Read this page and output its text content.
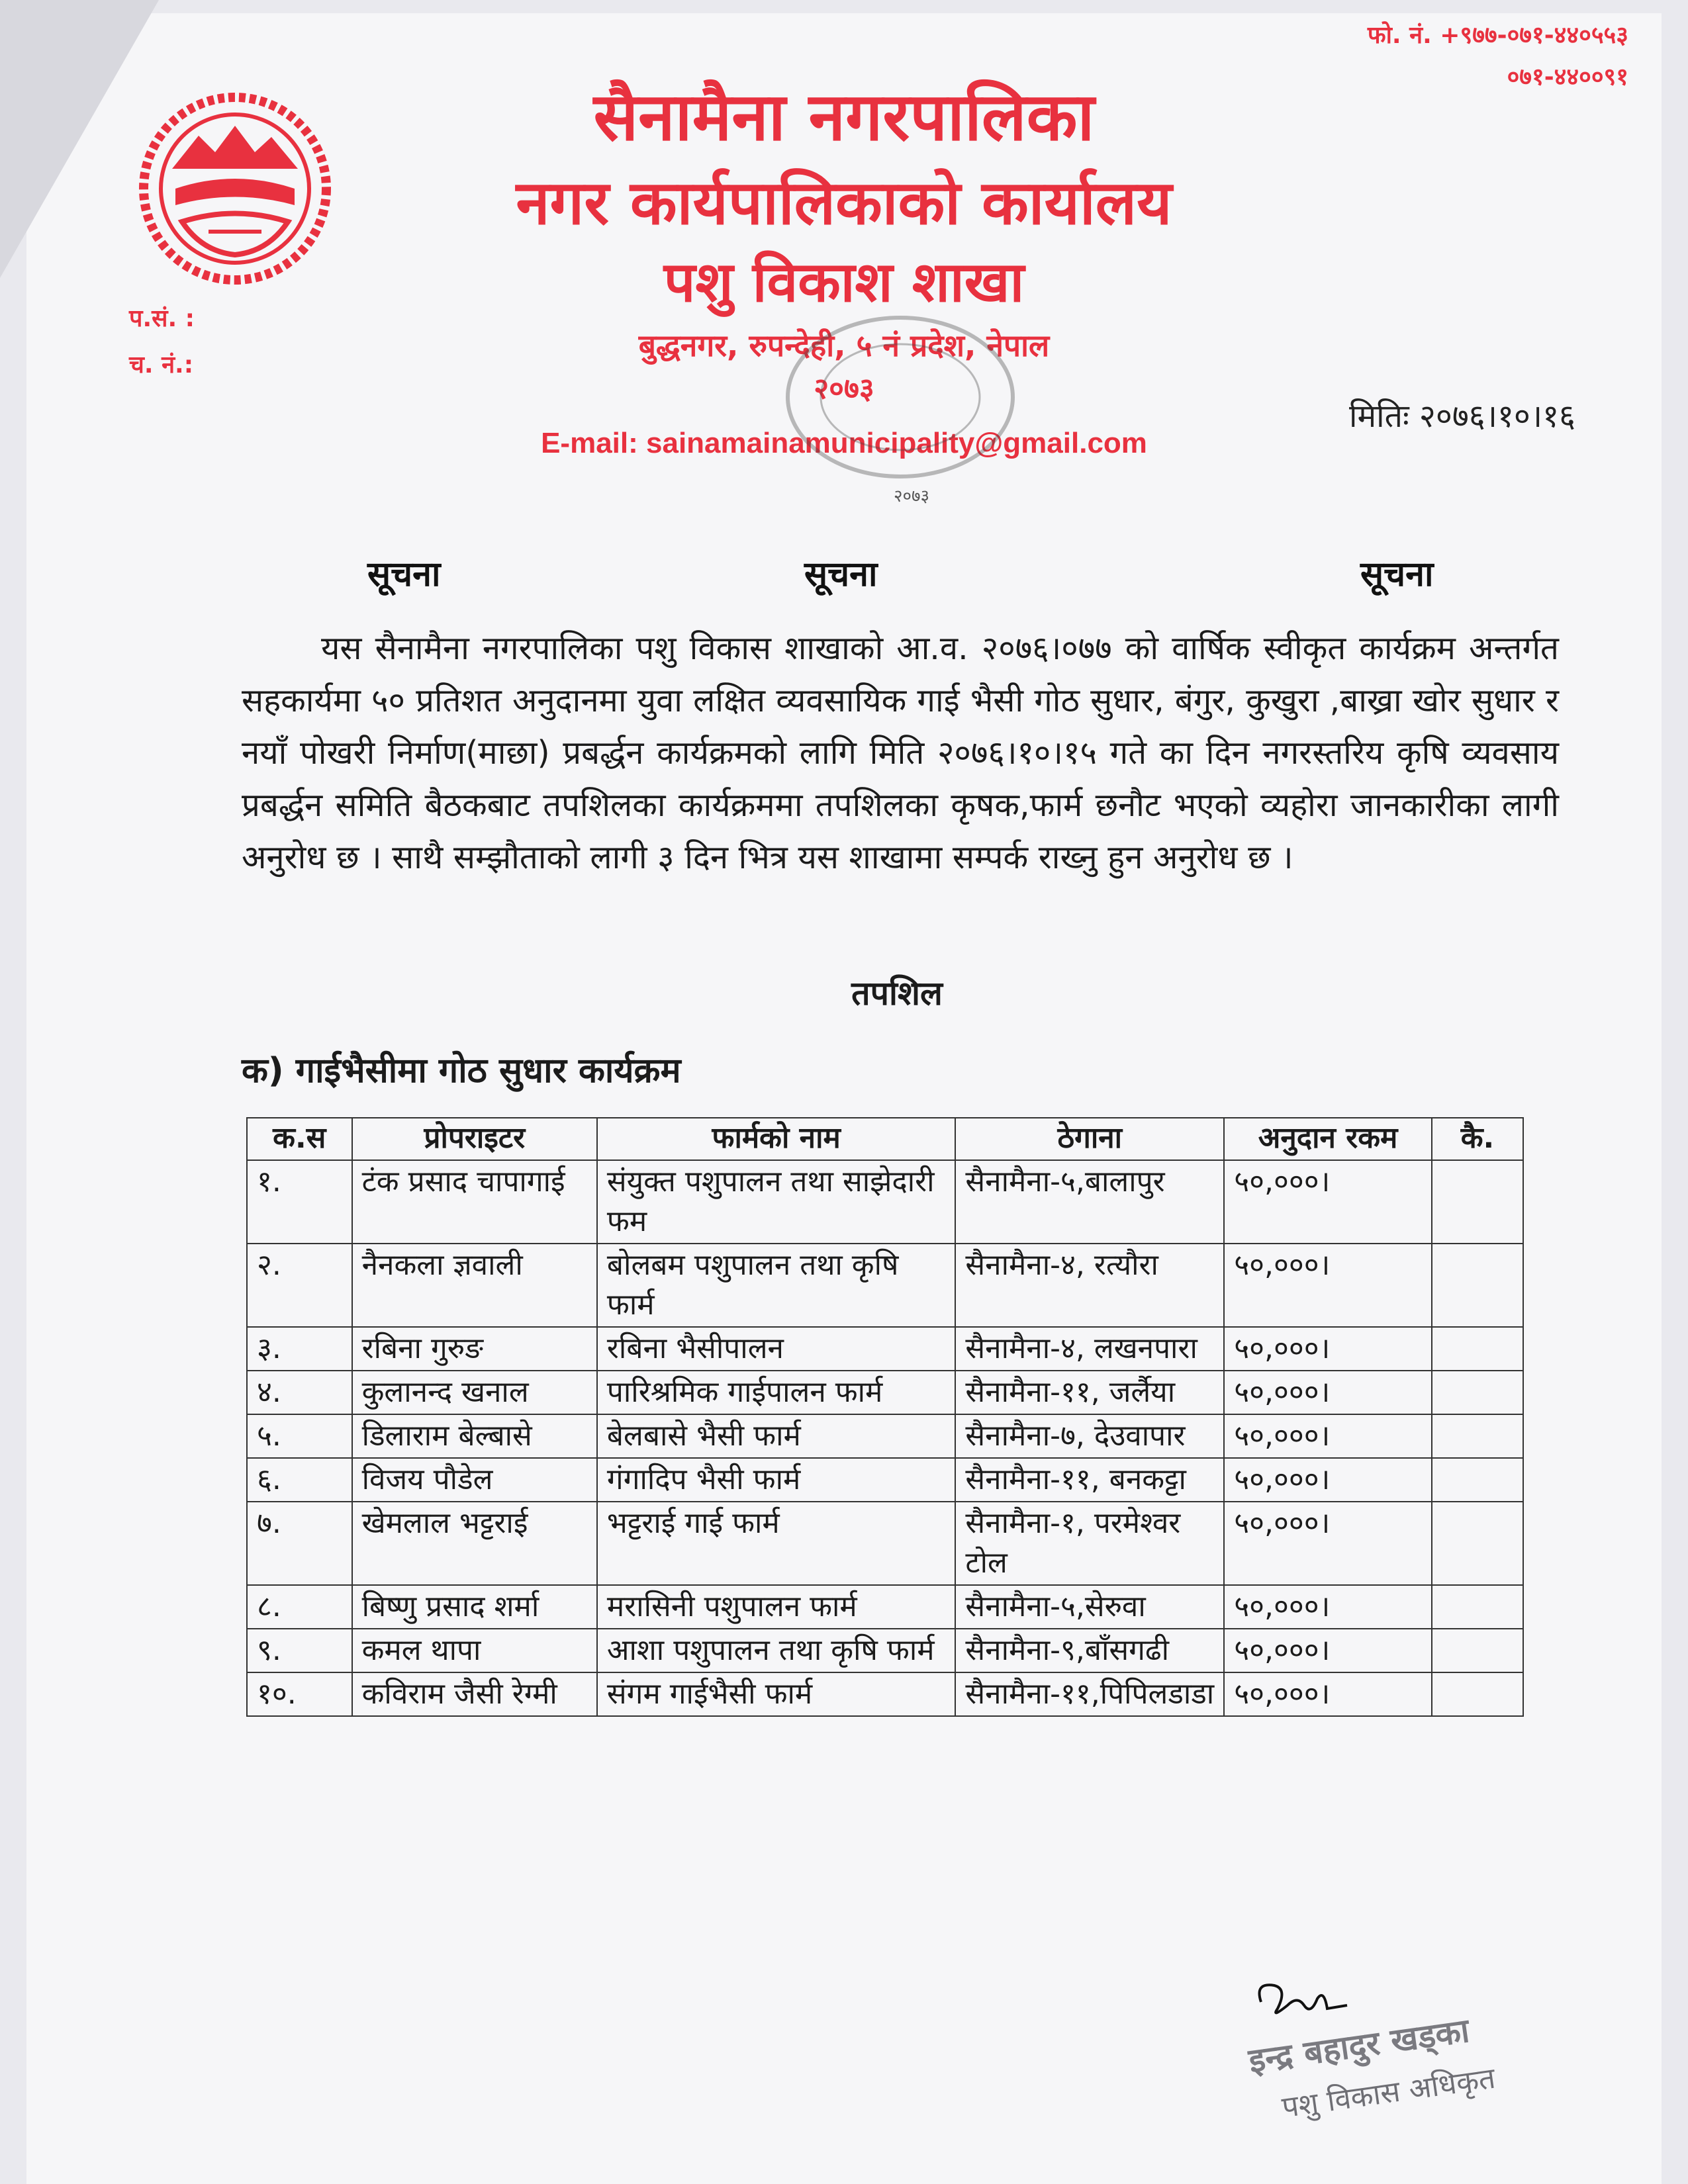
फो. नं. +९७७-०७१-४४०५५३
०७१-४४००९१
सैनामैना नगरपालिका
नगर कार्यपालिकाको कार्यालय
पशु विकाश शाखा
बुद्धनगर, रुपन्देही, ५ नं प्रदेश, नेपाल
२०७३
E-mail: sainamainamunicipality@gmail.com
२०७३
प.सं. :
च. नं.:
मितिः २०७६।१०।१६
सूचना	सूचना	सूचना
यस सैनामैना नगरपालिका पशु विकास शाखाको आ.व. २०७६।०७७ को वार्षिक स्वीकृत कार्यक्रम अन्तर्गत सहकार्यमा ५० प्रतिशत अनुदानमा युवा लक्षित व्यवसायिक गाई भैसी गोठ सुधार, बंगुर, कुखुरा ,बाख्रा खोर सुधार र नयाँ पोखरी निर्माण(माछा) प्रबर्द्धन कार्यक्रमको लागि मिति २०७६।१०।१५ गते का दिन नगरस्तरिय कृषि व्यवसाय प्रबर्द्धन समिति बैठकबाट तपशिलका कार्यक्रममा तपशिलका कृषक,फार्म छनौट भएको व्यहोरा जानकारीका लागी अनुरोध छ । साथै सम्झौताको लागी ३ दिन भित्र यस शाखामा सम्पर्क राख्नु हुन अनुरोध छ ।
तपशिल
क) गाईभैसीमा गोठ सुधार कार्यक्रम
क.स	प्रोपराइटर	फार्मको नाम	ठेगाना	अनुदान रकम	कै.
१.	टंक प्रसाद चापागाई	संयुक्त पशुपालन तथा साझेदारी फम	सैनामैना-५,बालापुर	५०,०००।	
२.	नैनकला ज्ञवाली	बोलबम पशुपालन तथा कृषि फार्म	सैनामैना-४, रत्यौरा	५०,०००।	
३.	रबिना गुरुङ	रबिना भैसीपालन	सैनामैना-४, लखनपारा	५०,०००।	
४.	कुलानन्द खनाल	पारिश्रमिक गाईपालन फार्म	सैनामैना-११, जर्लैया	५०,०००।	
५.	डिलाराम बेल्बासे	बेलबासे भैसी फार्म	सैनामैना-७, देउवापार	५०,०००।	
६.	विजय पौडेल	गंगादिप भैसी फार्म	सैनामैना-११, बनकट्टा	५०,०००।	
७.	खेमलाल भट्टराई	भट्टराई गाई फार्म	सैनामैना-१, परमेश्वर टोल	५०,०००।	
८.	बिष्णु प्रसाद शर्मा	मरासिनी पशुपालन फार्म	सैनामैना-५,सेरुवा	५०,०००।	
९.	कमल थापा	आशा पशुपालन तथा कृषि फार्म	सैनामैना-९,बाँसगढी	५०,०००।	
१०.	कविराम जैसी रेग्मी	संगम गाईभैसी फार्म	सैनामैना-११,पिपिलडाडा	५०,०००।	
इन्द्र बहादुर खड्का
पशु विकास अधिकृत
